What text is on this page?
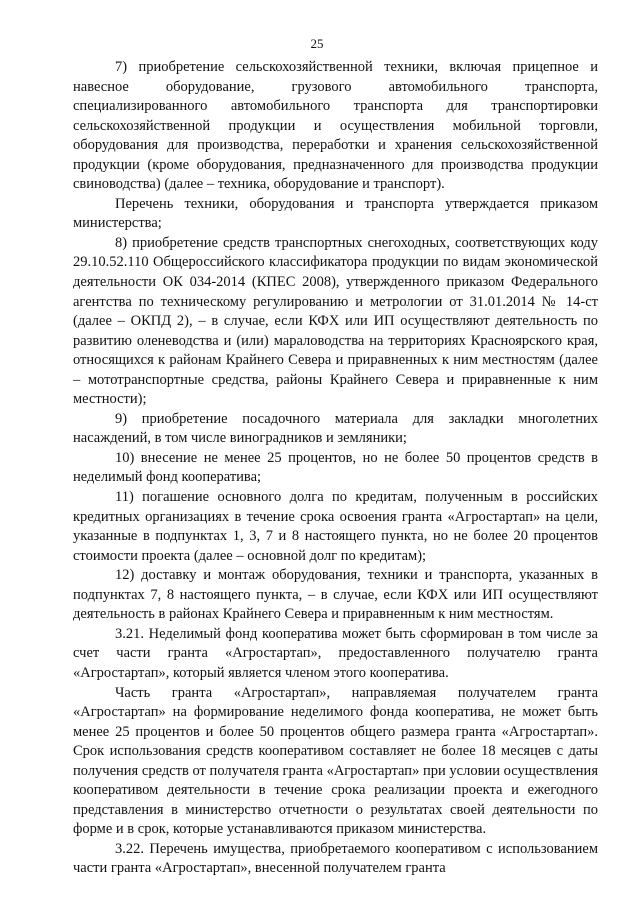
25

7) приобретение сельскохозяйственной техники, включая прицепное и навесное оборудование, грузового автомобильного транспорта, специализированного автомобильного транспорта для транспортировки сельскохозяйственной продукции и осуществления мобильной торговли, оборудования для производства, переработки и хранения сельскохозяйственной продукции (кроме оборудования, предназначенного для производства продукции свиноводства) (далее – техника, оборудование и транспорт).

Перечень техники, оборудования и транспорта утверждается приказом министерства;

8) приобретение средств транспортных снегоходных, соответствующих коду 29.10.52.110 Общероссийского классификатора продукции по видам экономической деятельности ОК 034-2014 (КПЕС 2008), утвержденного приказом Федерального агентства по техническому регулированию и метрологии от 31.01.2014 № 14-ст (далее – ОКПД 2), – в случае, если КФХ или ИП осуществляют деятельность по развитию оленеводства и (или) мараловодства на территориях Красноярского края, относящихся к районам Крайнего Севера и приравненных к ним местностям (далее – мототранспортные средства, районы Крайнего Севера и приравненные к ним местности);

9) приобретение посадочного материала для закладки многолетних насаждений, в том числе виноградников и земляники;

10) внесение не менее 25 процентов, но не более 50 процентов средств в неделимый фонд кооператива;

11) погашение основного долга по кредитам, полученным в российских кредитных организациях в течение срока освоения гранта «Агростартап» на цели, указанные в подпунктах 1, 3, 7 и 8 настоящего пункта, но не более 20 процентов стоимости проекта (далее – основной долг по кредитам);

12) доставку и монтаж оборудования, техники и транспорта, указанных в подпунктах 7, 8 настоящего пункта, – в случае, если КФХ или ИП осуществляют деятельность в районах Крайнего Севера и приравненным к ним местностям.

3.21. Неделимый фонд кооператива может быть сформирован в том числе за счет части гранта «Агростартап», предоставленного получателю гранта «Агростартап», который является членом этого кооператива.

Часть гранта «Агростартап», направляемая получателем гранта «Агростартап» на формирование неделимого фонда кооператива, не может быть менее 25 процентов и более 50 процентов общего размера гранта «Агростартап». Срок использования средств кооперативом составляет не более 18 месяцев с даты получения средств от получателя гранта «Агростартап» при условии осуществления кооперативом деятельности в течение срока реализации проекта и ежегодного представления в министерство отчетности о результатах своей деятельности по форме и в срок, которые устанавливаются приказом министерства.

3.22. Перечень имущества, приобретаемого кооперативом с использованием части гранта «Агростартап», внесенной получателем гранта
